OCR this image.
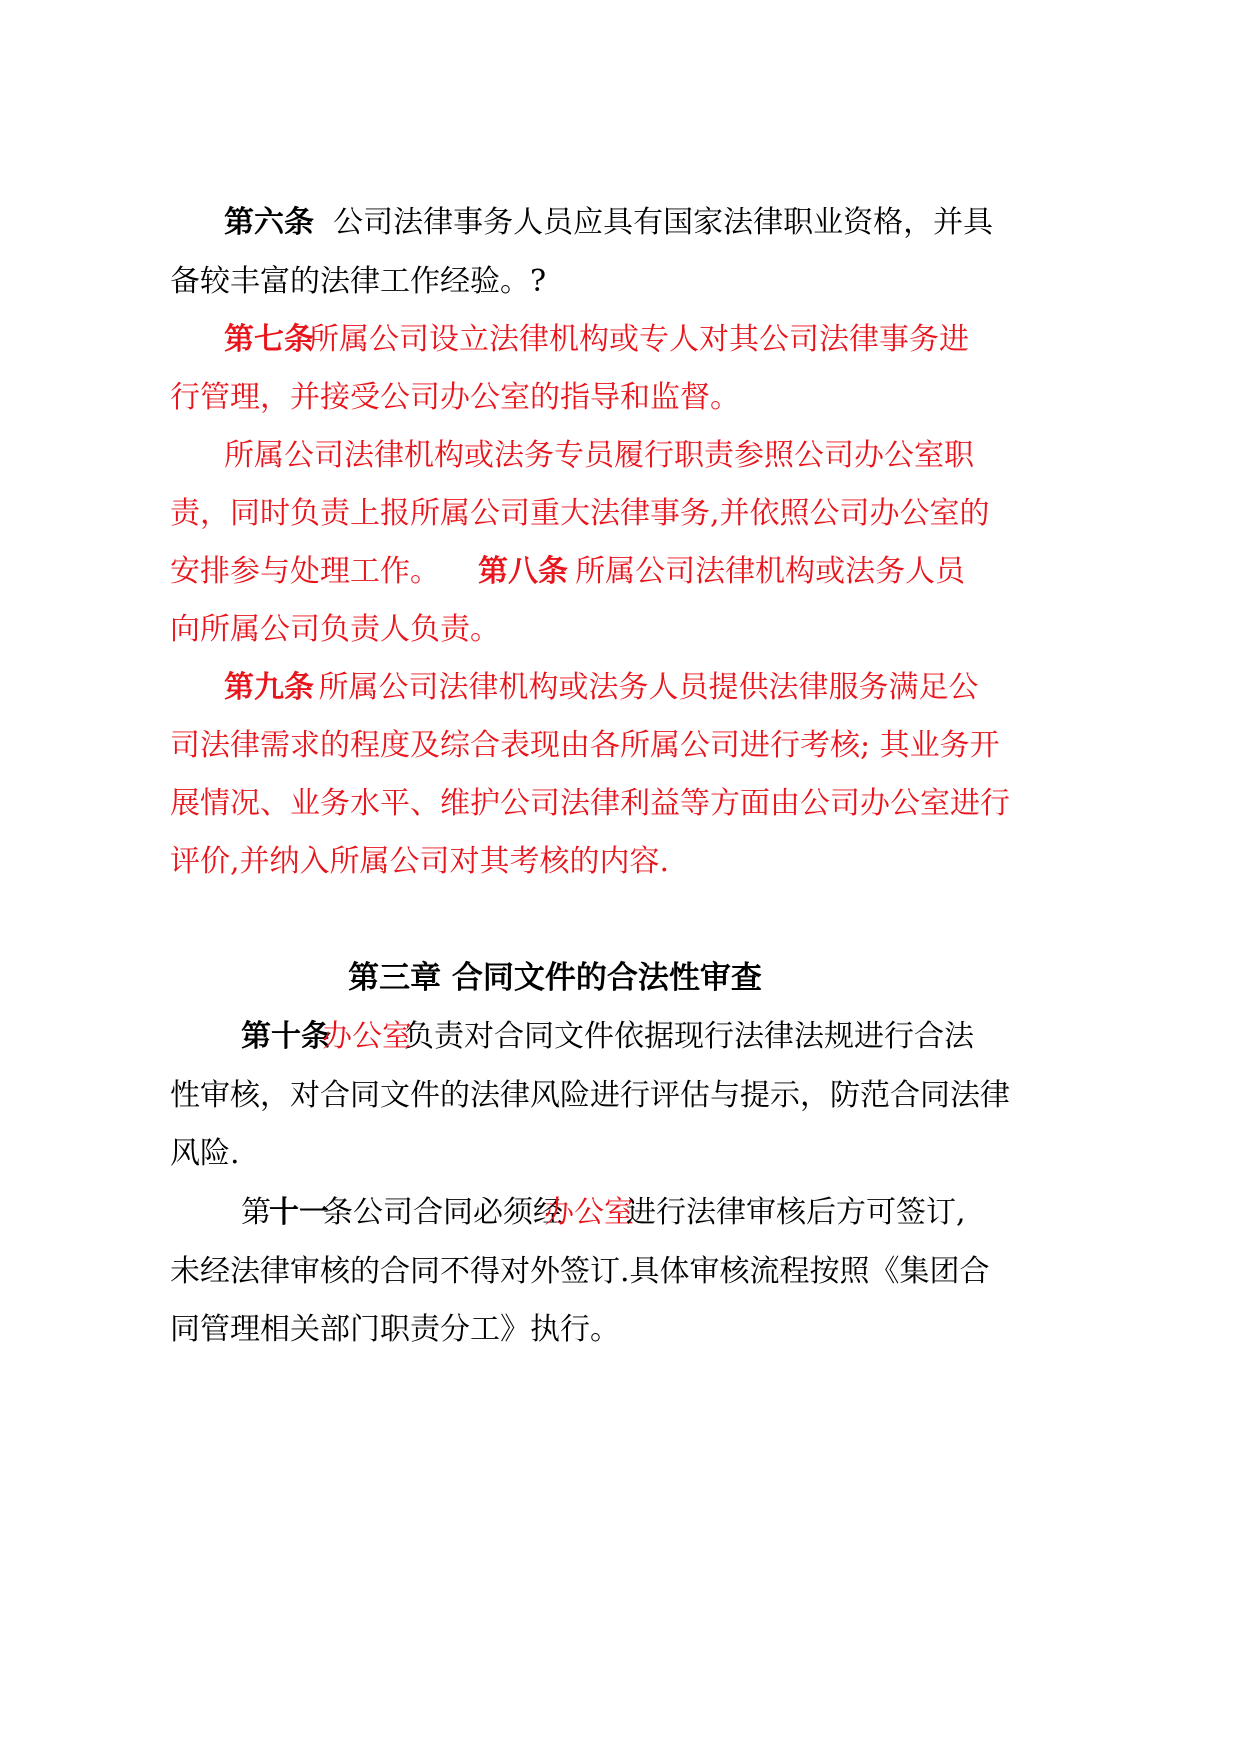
第六条 公司法律事务人员应具有国家法律职业资格，并具
备较丰富的法律工作经验。?
第七条
所属公司设立法律机构或专人对其公司法律事务进
行管理，并接受公司办公室的指导和监督。
所属公司法律机构或法务专员履行职责参照公司办公室职
责，同时负责上报所属公司重大法律事务,并依照公司办公室的
安排参与处理工作。 第八条
所属公司法律机构或法务人员
向所属公司负责人负责。
第九条
所属公司法律机构或法务人员提供法律服务满足公
司法律需求的程度及综合表现由各所属公司进行考核; 其业务开
展情况、业务水平、维护公司法律利益等方面由公司办公室进行
评价,并纳入所属公司对其考核的内容.
第三章 合同文件的合法性审查
第十条
办公室
负责对合同文件依据现行法律法规进行合法
性审核，对合同文件的法律风险进行评估与提示，防范合同法律
风险.
第
十一
条公司合同必须经
办公室
进行法律审核后方可签订,
未经法律审核的合同不得对外签订.具体审核流程按照《集团合
同管理相关部门职责分工》执行。
